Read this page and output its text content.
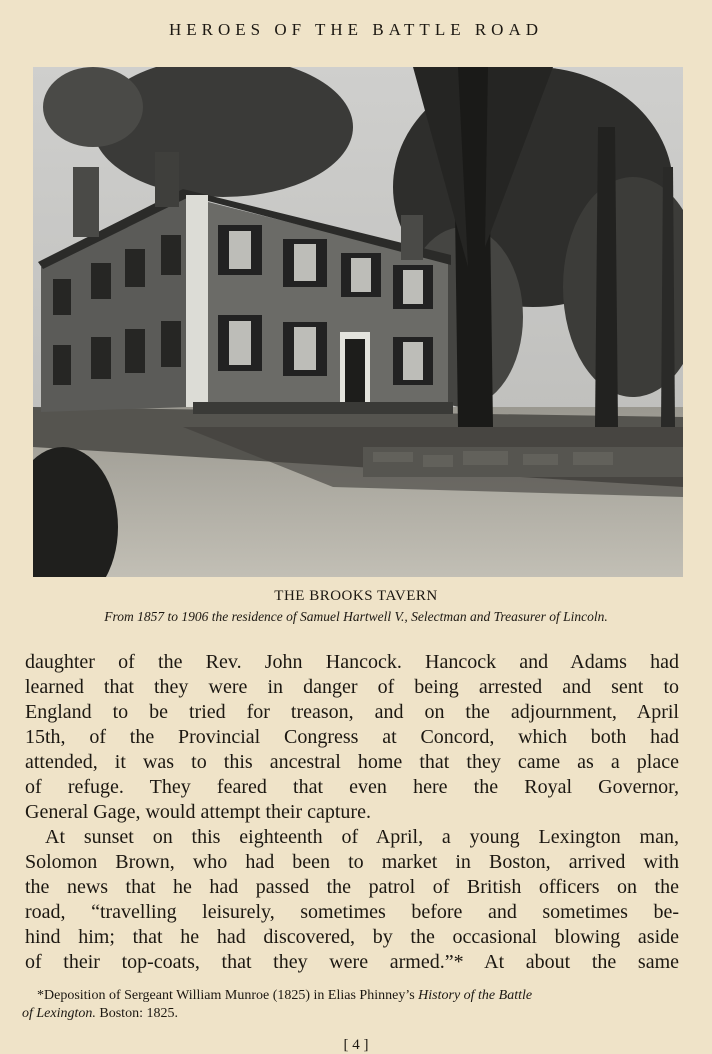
HEROES OF THE BATTLE ROAD
THE BROOKS TAVERN
From 1857 to 1906 the residence of Samuel Hartwell V., Selectman and Treasurer of Lincoln.
daughter of the Rev. John Hancock. Hancock and Adams had
learned that they were in danger of being arrested and sent to
England to be tried for treason, and on the adjournment, April
15th, of the Provincial Congress at Concord, which both had
attended, it was to this ancestral home that they came as a place
of refuge. They feared that even here the Royal Governor,
General Gage, would attempt their capture.
At sunset on this eighteenth of April, a young Lexington man,
Solomon Brown, who had been to market in Boston, arrived with
the news that he had passed the patrol of British officers on the
road, “travelling leisurely, sometimes before and sometimes be-
hind him; that he had discovered, by the occasional blowing aside
of their top-coats, that they were armed.”* At about the same
*Deposition of Sergeant William Munroe (1825) in Elias Phinney’s History of the Battle
of Lexington. Boston: 1825.
[ 4 ]
